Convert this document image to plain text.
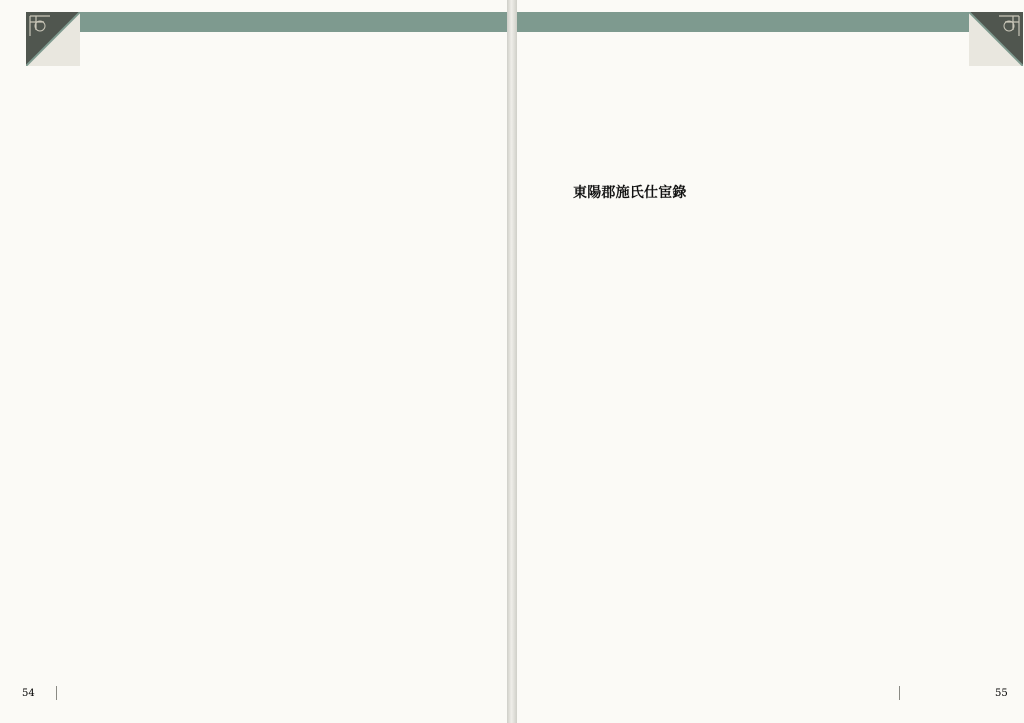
54

東陽郡施氏仕宦錄

55
